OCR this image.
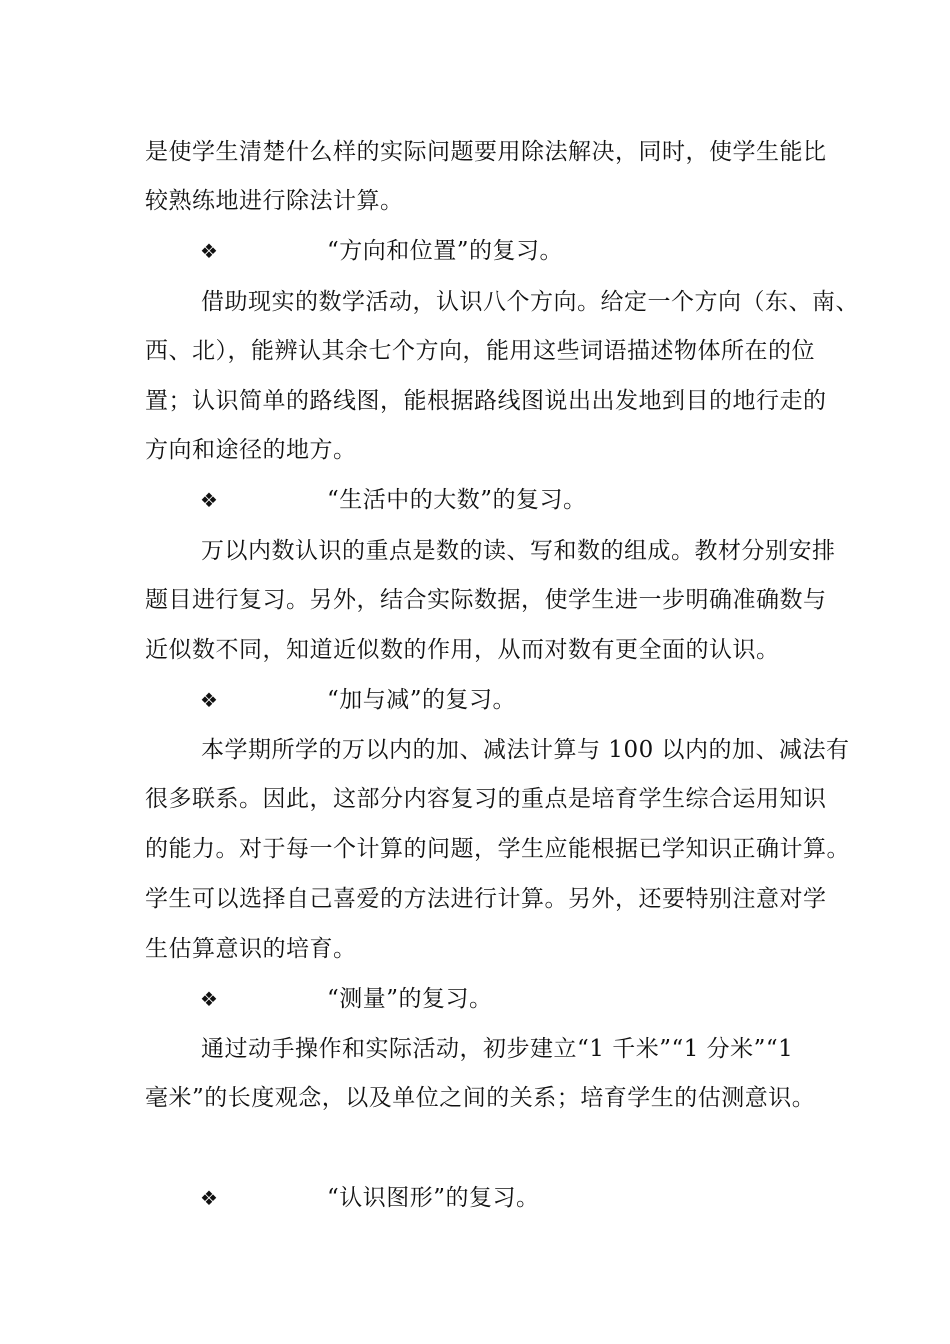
是使学生清楚什么样的实际问题要用除法解决，同时，使学生能比
较熟练地进行除法计算。
❖	“方向和位置”的复习。
借助现实的数学活动，认识八个方向。给定一个方向（东、南、
西、北），能辨认其余七个方向，能用这些词语描述物体所在的位
置；认识简单的路线图，能根据路线图说出出发地到目的地行走的
方向和途径的地方。
❖	“生活中的大数”的复习。
万以内数认识的重点是数的读、写和数的组成。教材分别安排
题目进行复习。另外，结合实际数据，使学生进一步明确准确数与
近似数不同，知道近似数的作用，从而对数有更全面的认识。
❖	“加与减”的复习。
本学期所学的万以内的加、减法计算与 100 以内的加、减法有
很多联系。因此，这部分内容复习的重点是培育学生综合运用知识
的能力。对于每一个计算的问题，学生应能根据已学知识正确计算。
学生可以选择自己喜爱的方法进行计算。另外，还要特别注意对学
生估算意识的培育。
❖	“测量”的复习。
通过动手操作和实际活动，初步建立“1 千米”“1 分米”“1
毫米”的长度观念，以及单位之间的关系；培育学生的估测意识。
❖	“认识图形”的复习。
